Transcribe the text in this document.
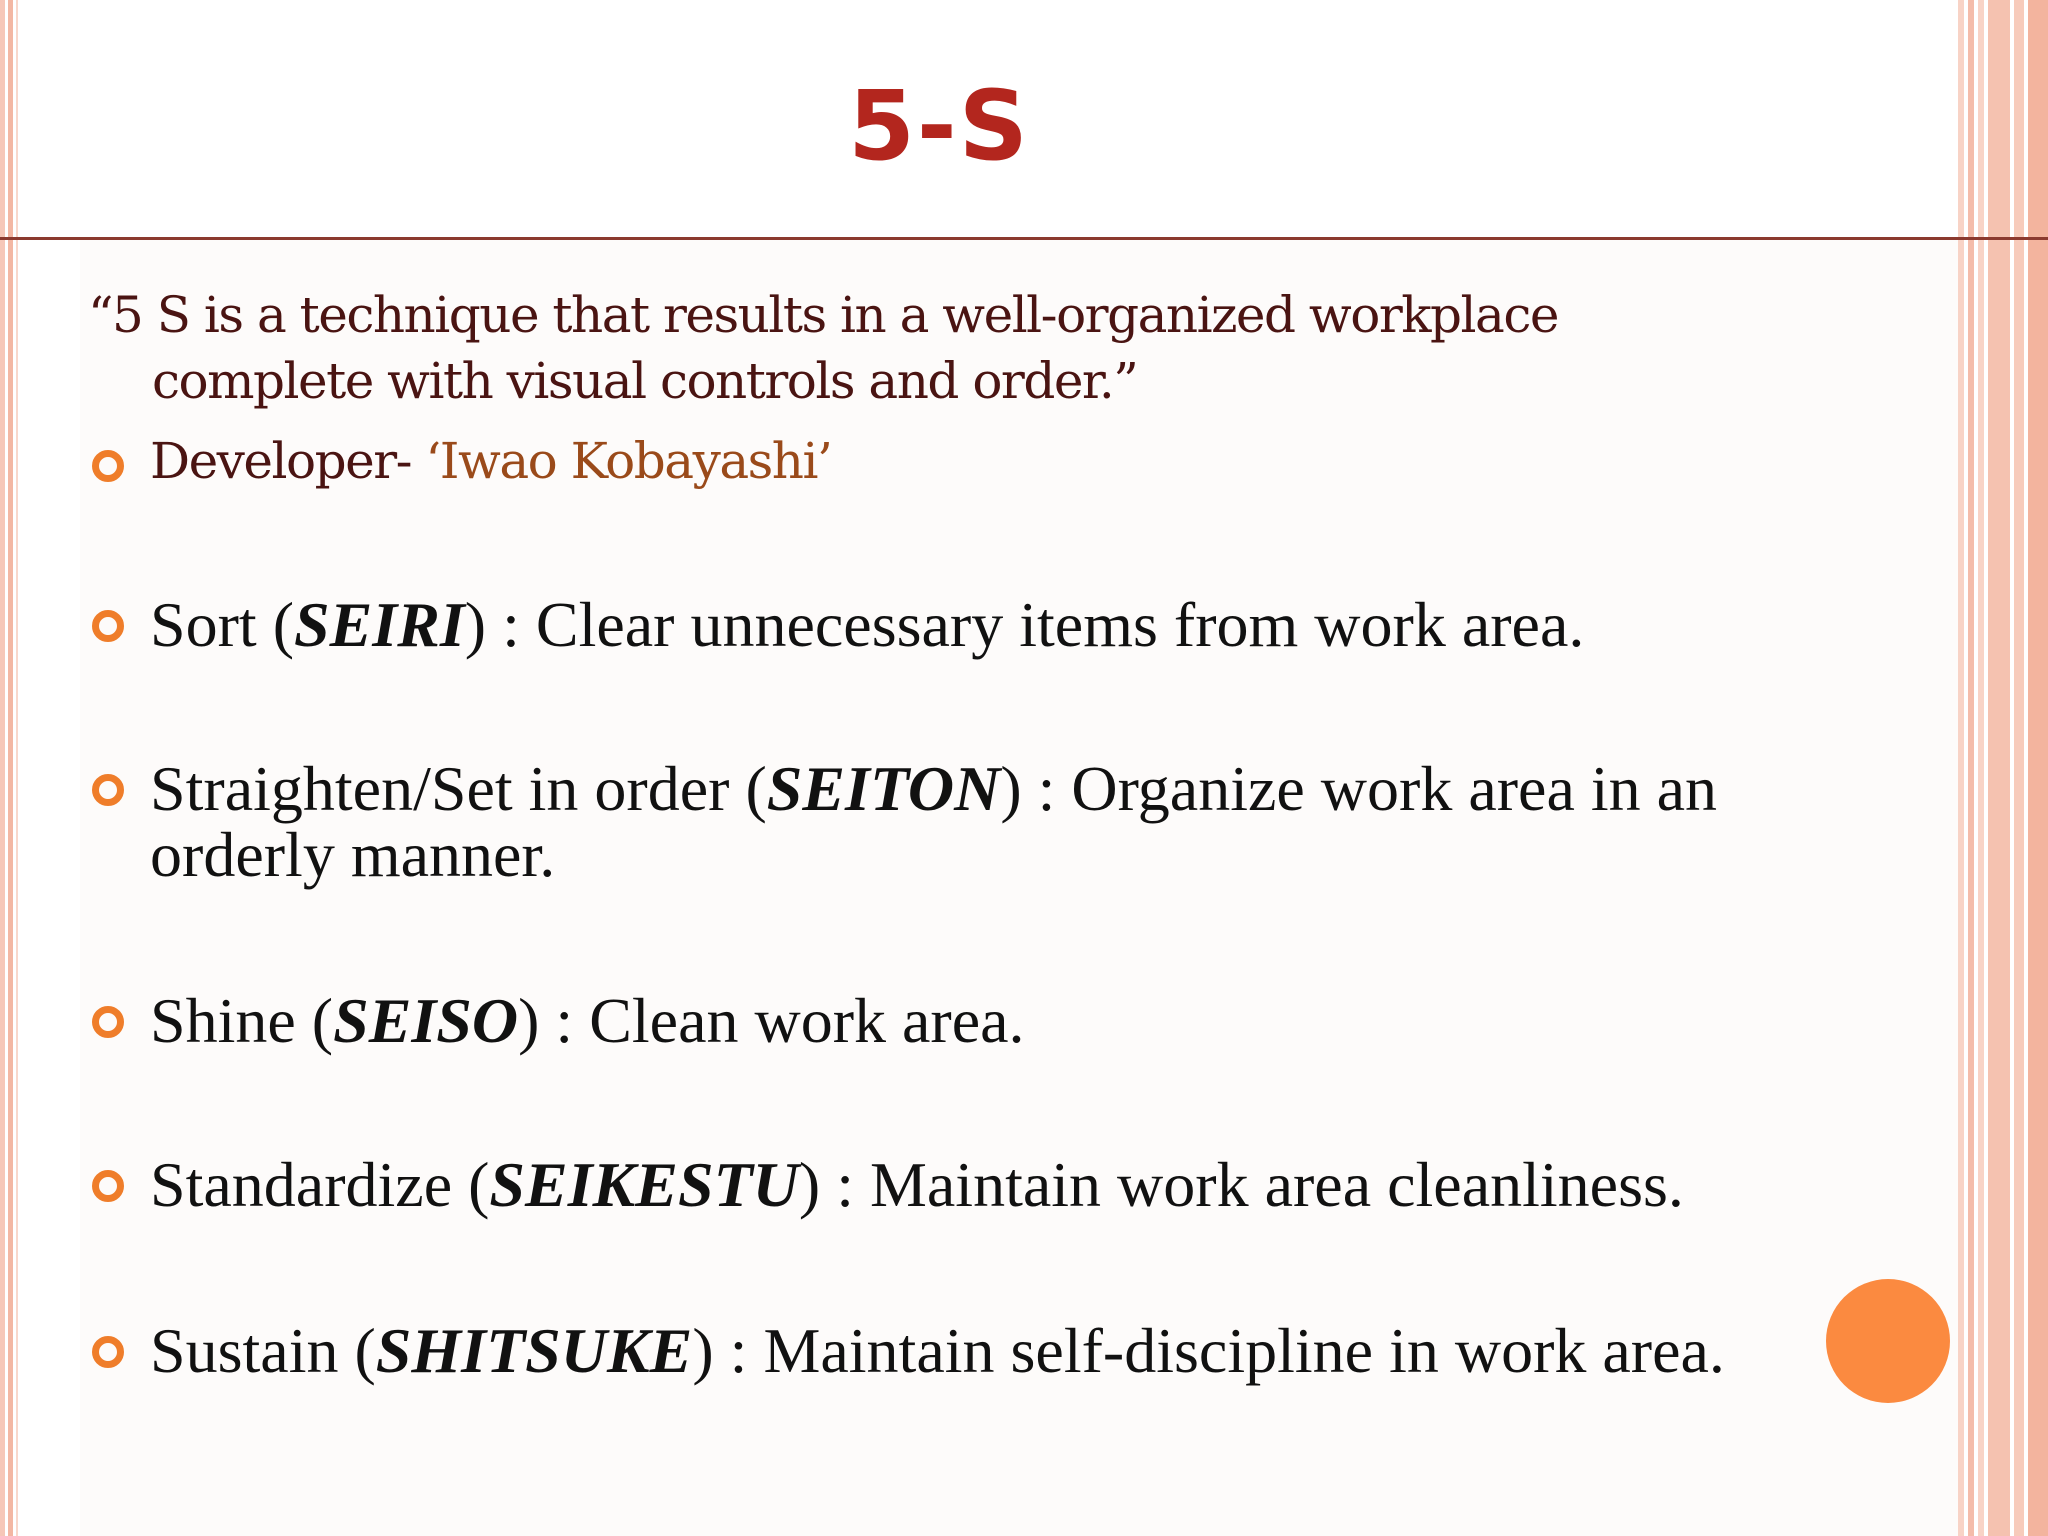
5-S
“5 S is a technique that results in a well-organized workplace
complete with visual controls and order.”
Developer- ‘Iwao Kobayashi’
Sort (SEIRI) : Clear unnecessary items from work area.
Straighten/Set in order (SEITON) : Organize work area in an orderly manner.
Shine (SEISO) : Clean work area.
Standardize (SEIKESTU) : Maintain work area cleanliness.
Sustain (SHITSUKE) : Maintain self-discipline in work area.
